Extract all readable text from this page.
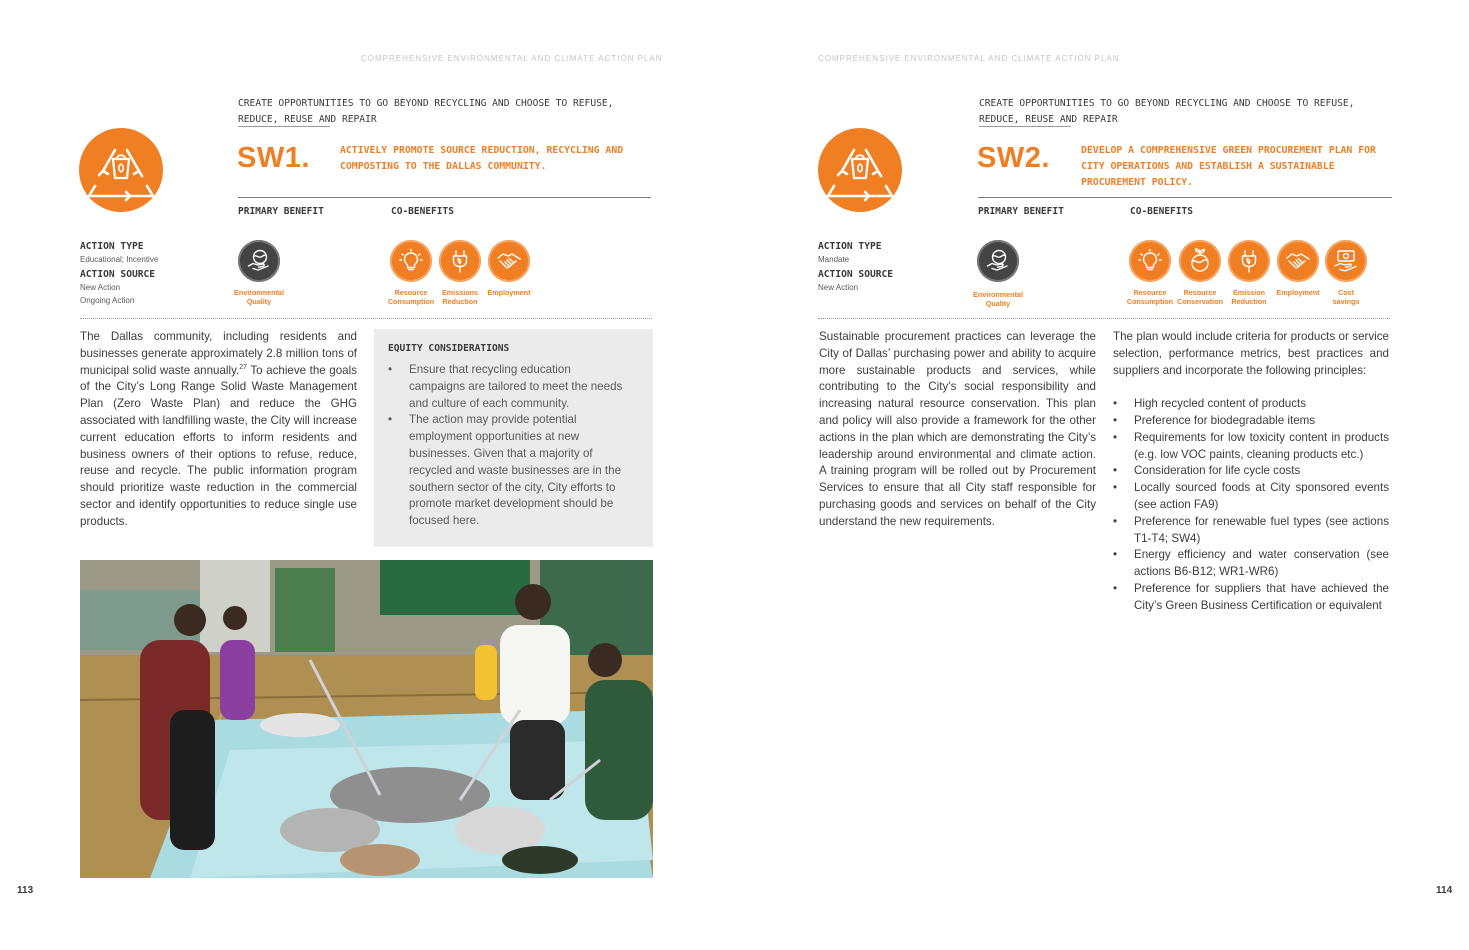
COMPREHENSIVE ENVIRONMENTAL AND CLIMATE ACTION PLAN
CREATE OPPORTUNITIES TO GO BEYOND RECYCLING AND CHOOSE TO REFUSE, REDUCE, REUSE AND REPAIR
SW1.	ACTIVELY PROMOTE SOURCE REDUCTION, RECYCLING AND COMPOSTING TO THE DALLAS COMMUNITY.
PRIMARY BENEFIT	CO-BENEFITS
ACTION TYPE
Educational; Incentive
ACTION SOURCE
New Action
Ongoing Action
Environmental
Quality
Resource
Consumption
Emissions
Reduction
Employment
The Dallas community, including residents and businesses generate approximately 2.8 million tons of municipal solid waste annually.$^{27}$ To achieve the goals of the City’s Long Range Solid Waste Management Plan (Zero Waste Plan) and reduce the GHG associated with landfilling waste, the City will increase current education efforts to inform residents and business owners of their options to refuse, reduce, reuse and recycle. The public information program should prioritize waste reduction in the commercial sector and identify opportunities to reduce single use products.
EQUITY CONSIDERATIONS
• Ensure that recycling education campaigns are tailored to meet the needs and culture of each community.
• The action may provide potential employment opportunities at new businesses. Given that a majority of recycled and waste businesses are in the southern sector of the city, City efforts to promote market development should be focused here.
113
COMPREHENSIVE ENVIRONMENTAL AND CLIMATE ACTION PLAN
CREATE OPPORTUNITIES TO GO BEYOND RECYCLING AND CHOOSE TO REFUSE, REDUCE, REUSE AND REPAIR
SW2.	DEVELOP A COMPREHENSIVE GREEN PROCUREMENT PLAN FOR CITY OPERATIONS AND ESTABLISH A SUSTAINABLE PROCUREMENT POLICY.
PRIMARY BENEFIT	CO-BENEFITS
ACTION TYPE
Mandate
ACTION SOURCE
New Action
Environmental
Quality
Resource
Consumption
Resource
Conservation
Emission
Reduction
Employment	Cost
savings
Sustainable procurement practices can leverage the City of Dallas’ purchasing power and ability to acquire more sustainable products and services, while contributing to the City’s social responsibility and increasing natural resource conservation. This plan and policy will also provide a framework for the other actions in the plan which are demonstrating the City’s leadership around environmental and climate action. A training program will be rolled out by Procurement Services to ensure that all City staff responsible for purchasing goods and services on behalf of the City understand the new requirements.
The plan would include criteria for products or service selection, performance metrics, best practices and suppliers and incorporate the following principles:
• High recycled content of products
• Preference for biodegradable items
• Requirements for low toxicity content in products (e.g. low VOC paints, cleaning products etc.)
• Consideration for life cycle costs
• Locally sourced foods at City sponsored events (see action FA9)
• Preference for renewable fuel types (see actions T1-T4; SW4)
• Energy efficiency and water conservation (see actions B6-B12; WR1-WR6)
• Preference for suppliers that have achieved the City’s Green Business Certification or equivalent
114
